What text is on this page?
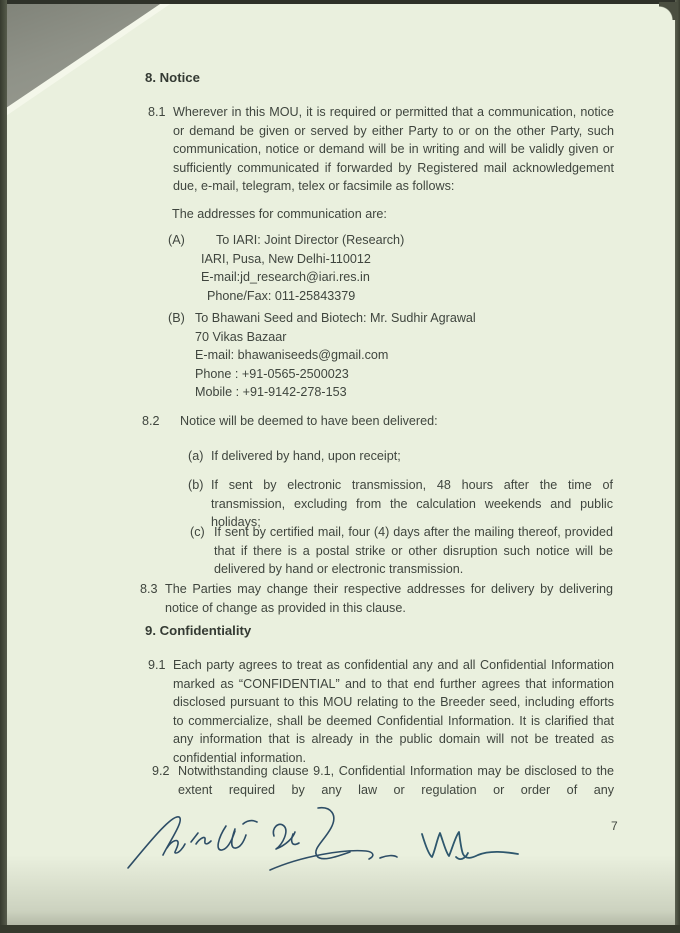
8. Notice
8.1 Wherever in this MOU, it is required or permitted that a communication, notice or demand be given or served by either Party to or on the other Party, such communication, notice or demand will be in writing and will be validly given or sufficiently communicated if forwarded by Registered mail acknowledgement due, e-mail, telegram, telex or facsimile as follows:
The addresses for communication are:
(A)	To IARI: Joint Director (Research)
IARI, Pusa, New Delhi-110012
E-mail:jd_research@iari.res.in
Phone/Fax: 011-25843379
(B) To Bhawani Seed and Biotech: Mr. Sudhir Agrawal
70 Vikas Bazaar
E-mail: bhawaniseeds@gmail.com
Phone : +91-0565-2500023
Mobile : +91-9142-278-153
8.2	Notice will be deemed to have been delivered:
(a) If delivered by hand, upon receipt;
(b) If sent by electronic transmission, 48 hours after the time of transmission, excluding from the calculation weekends and public holidays;
(c) If sent by certified mail, four (4) days after the mailing thereof, provided that if there is a postal strike or other disruption such notice will be delivered by hand or electronic transmission.
8.3 The Parties may change their respective addresses for delivery by delivering notice of change as provided in this clause.
9. Confidentiality
9.1 Each party agrees to treat as confidential any and all Confidential Information marked as “CONFIDENTIAL” and to that end further agrees that information disclosed pursuant to this MOU relating to the Breeder seed, including efforts to commercialize, shall be deemed Confidential Information. It is clarified that any information that is already in the public domain will not be treated as confidential information.
9.2 Notwithstanding clause 9.1, Confidential Information may be disclosed to the extent required by any law or regulation or order of any
7
